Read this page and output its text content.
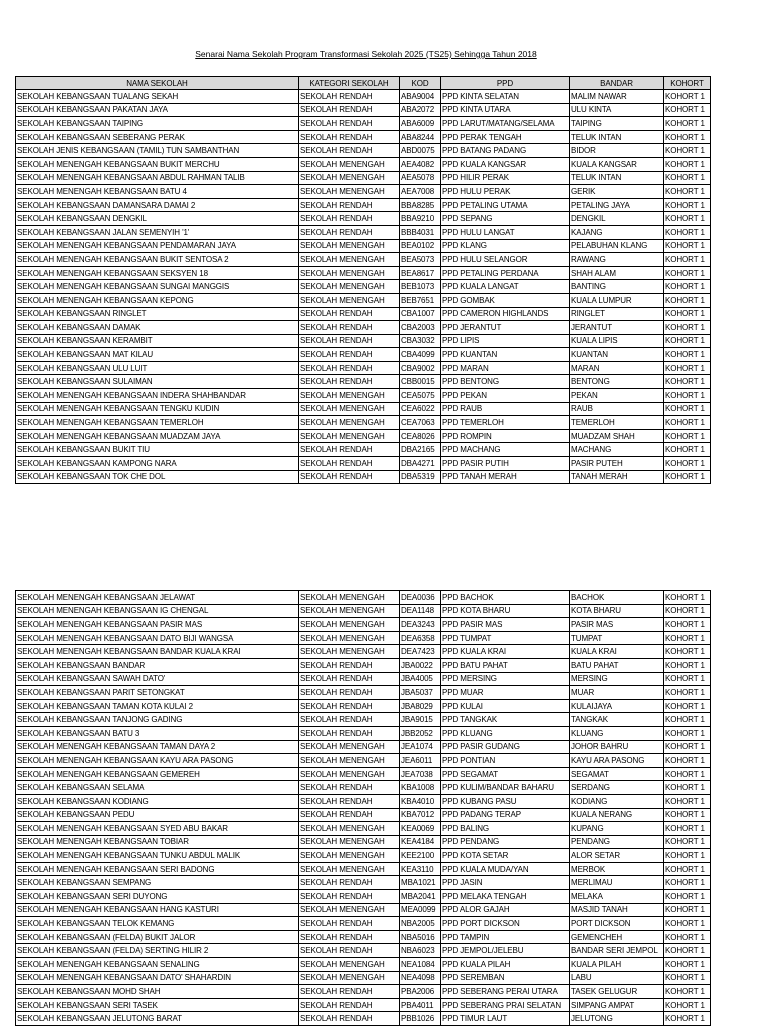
Senarai Nama Sekolah Program Transformasi Sekolah 2025 (TS25) Sehingga Tahun 2018
NAMA SEKOLAH	KATEGORI SEKOLAH	KOD	PPD	BANDAR	KOHORT
SEKOLAH KEBANGSAAN TUALANG SEKAH	SEKOLAH RENDAH	ABA9004	PPD KINTA SELATAN	MALIM NAWAR	KOHORT 1
SEKOLAH KEBANGSAAN PAKATAN JAYA	SEKOLAH RENDAH	ABA2072	PPD KINTA UTARA	ULU KINTA	KOHORT 1
SEKOLAH KEBANGSAAN TAIPING	SEKOLAH RENDAH	ABA6009	PPD LARUT/MATANG/SELAMA	TAIPING	KOHORT 1
SEKOLAH KEBANGSAAN SEBERANG PERAK	SEKOLAH RENDAH	ABA8244	PPD PERAK TENGAH	TELUK INTAN	KOHORT 1
SEKOLAH JENIS KEBANGSAAN (TAMIL) TUN SAMBANTHAN	SEKOLAH RENDAH	ABD0075	PPD BATANG PADANG	BIDOR	KOHORT 1
SEKOLAH MENENGAH KEBANGSAAN BUKIT MERCHU	SEKOLAH MENENGAH	AEA4082	PPD KUALA KANGSAR	KUALA KANGSAR	KOHORT 1
SEKOLAH MENENGAH KEBANGSAAN ABDUL RAHMAN TALIB	SEKOLAH MENENGAH	AEA5078	PPD HILIR PERAK	TELUK INTAN	KOHORT 1
SEKOLAH MENENGAH KEBANGSAAN BATU 4	SEKOLAH MENENGAH	AEA7008	PPD HULU PERAK	GERIK	KOHORT 1
SEKOLAH KEBANGSAAN DAMANSARA DAMAI 2	SEKOLAH RENDAH	BBA8285	PPD PETALING UTAMA	PETALING JAYA	KOHORT 1
SEKOLAH KEBANGSAAN DENGKIL	SEKOLAH RENDAH	BBA9210	PPD SEPANG	DENGKIL	KOHORT 1
SEKOLAH KEBANGSAAN JALAN SEMENYIH '1'	SEKOLAH RENDAH	BBB4031	PPD HULU LANGAT	KAJANG	KOHORT 1
SEKOLAH MENENGAH KEBANGSAAN PENDAMARAN JAYA	SEKOLAH MENENGAH	BEA0102	PPD KLANG	PELABUHAN KLANG	KOHORT 1
SEKOLAH MENENGAH KEBANGSAAN BUKIT SENTOSA 2	SEKOLAH MENENGAH	BEA5073	PPD HULU SELANGOR	RAWANG	KOHORT 1
SEKOLAH MENENGAH KEBANGSAAN SEKSYEN 18	SEKOLAH MENENGAH	BEA8617	PPD PETALING PERDANA	SHAH ALAM	KOHORT 1
SEKOLAH MENENGAH KEBANGSAAN SUNGAI MANGGIS	SEKOLAH MENENGAH	BEB1073	PPD KUALA LANGAT	BANTING	KOHORT 1
SEKOLAH MENENGAH KEBANGSAAN KEPONG	SEKOLAH MENENGAH	BEB7651	PPD GOMBAK	KUALA LUMPUR	KOHORT 1
SEKOLAH KEBANGSAAN RINGLET	SEKOLAH RENDAH	CBA1007	PPD CAMERON HIGHLANDS	RINGLET	KOHORT 1
SEKOLAH KEBANGSAAN DAMAK	SEKOLAH RENDAH	CBA2003	PPD JERANTUT	JERANTUT	KOHORT 1
SEKOLAH KEBANGSAAN KERAMBIT	SEKOLAH RENDAH	CBA3032	PPD LIPIS	KUALA LIPIS	KOHORT 1
SEKOLAH KEBANGSAAN MAT KILAU	SEKOLAH RENDAH	CBA4099	PPD KUANTAN	KUANTAN	KOHORT 1
SEKOLAH KEBANGSAAN ULU LUIT	SEKOLAH RENDAH	CBA9002	PPD MARAN	MARAN	KOHORT 1
SEKOLAH KEBANGSAAN SULAIMAN	SEKOLAH RENDAH	CBB0015	PPD BENTONG	BENTONG	KOHORT 1
SEKOLAH MENENGAH KEBANGSAAN INDERA SHAHBANDAR	SEKOLAH MENENGAH	CEA5075	PPD PEKAN	PEKAN	KOHORT 1
SEKOLAH MENENGAH KEBANGSAAN TENGKU KUDIN	SEKOLAH MENENGAH	CEA6022	PPD RAUB	RAUB	KOHORT 1
SEKOLAH MENENGAH KEBANGSAAN TEMERLOH	SEKOLAH MENENGAH	CEA7063	PPD TEMERLOH	TEMERLOH	KOHORT 1
SEKOLAH MENENGAH KEBANGSAAN MUADZAM JAYA	SEKOLAH MENENGAH	CEA8026	PPD ROMPIN	MUADZAM SHAH	KOHORT 1
SEKOLAH KEBANGSAAN BUKIT TIU	SEKOLAH RENDAH	DBA2165	PPD MACHANG	MACHANG	KOHORT 1
SEKOLAH KEBANGSAAN KAMPONG NARA	SEKOLAH RENDAH	DBA4271	PPD PASIR PUTIH	PASIR PUTEH	KOHORT 1
SEKOLAH KEBANGSAAN TOK CHE DOL	SEKOLAH RENDAH	DBA5319	PPD TANAH MERAH	TANAH MERAH	KOHORT 1
SEKOLAH MENENGAH KEBANGSAAN JELAWAT	SEKOLAH MENENGAH	DEA0036	PPD BACHOK	BACHOK	KOHORT 1
SEKOLAH MENENGAH KEBANGSAAN IG CHENGAL	SEKOLAH MENENGAH	DEA1148	PPD KOTA BHARU	KOTA BHARU	KOHORT 1
SEKOLAH MENENGAH KEBANGSAAN PASIR MAS	SEKOLAH MENENGAH	DEA3243	PPD PASIR MAS	PASIR MAS	KOHORT 1
SEKOLAH MENENGAH KEBANGSAAN DATO BIJI WANGSA	SEKOLAH MENENGAH	DEA6358	PPD TUMPAT	TUMPAT	KOHORT 1
SEKOLAH MENENGAH KEBANGSAAN BANDAR KUALA KRAI	SEKOLAH MENENGAH	DEA7423	PPD KUALA KRAI	KUALA KRAI	KOHORT 1
SEKOLAH KEBANGSAAN BANDAR	SEKOLAH RENDAH	JBA0022	PPD BATU PAHAT	BATU PAHAT	KOHORT 1
SEKOLAH KEBANGSAAN SAWAH DATO'	SEKOLAH RENDAH	JBA4005	PPD MERSING	MERSING	KOHORT 1
SEKOLAH KEBANGSAAN PARIT SETONGKAT	SEKOLAH RENDAH	JBA5037	PPD MUAR	MUAR	KOHORT 1
SEKOLAH KEBANGSAAN TAMAN KOTA KULAI 2	SEKOLAH RENDAH	JBA8029	PPD KULAI	KULAIJAYA	KOHORT 1
SEKOLAH KEBANGSAAN TANJONG GADING	SEKOLAH RENDAH	JBA9015	PPD TANGKAK	TANGKAK	KOHORT 1
SEKOLAH KEBANGSAAN BATU 3	SEKOLAH RENDAH	JBB2052	PPD KLUANG	KLUANG	KOHORT 1
SEKOLAH MENENGAH KEBANGSAAN TAMAN DAYA 2	SEKOLAH MENENGAH	JEA1074	PPD PASIR GUDANG	JOHOR BAHRU	KOHORT 1
SEKOLAH MENENGAH KEBANGSAAN KAYU ARA PASONG	SEKOLAH MENENGAH	JEA6011	PPD PONTIAN	KAYU ARA PASONG	KOHORT 1
SEKOLAH MENENGAH KEBANGSAAN GEMEREH	SEKOLAH MENENGAH	JEA7038	PPD SEGAMAT	SEGAMAT	KOHORT 1
SEKOLAH KEBANGSAAN SELAMA	SEKOLAH RENDAH	KBA1008	PPD KULIM/BANDAR BAHARU	SERDANG	KOHORT 1
SEKOLAH KEBANGSAAN KODIANG	SEKOLAH RENDAH	KBA4010	PPD KUBANG PASU	KODIANG	KOHORT 1
SEKOLAH KEBANGSAAN PEDU	SEKOLAH RENDAH	KBA7012	PPD PADANG TERAP	KUALA NERANG	KOHORT 1
SEKOLAH MENENGAH KEBANGSAAN SYED ABU BAKAR	SEKOLAH MENENGAH	KEA0069	PPD BALING	KUPANG	KOHORT 1
SEKOLAH MENENGAH KEBANGSAAN TOBIAR	SEKOLAH MENENGAH	KEA4184	PPD PENDANG	PENDANG	KOHORT 1
SEKOLAH MENENGAH KEBANGSAAN TUNKU ABDUL MALIK	SEKOLAH MENENGAH	KEE2100	PPD KOTA SETAR	ALOR SETAR	KOHORT 1
SEKOLAH MENENGAH KEBANGSAAN SERI BADONG	SEKOLAH MENENGAH	KEA3110	PPD KUALA MUDA/YAN	MERBOK	KOHORT 1
SEKOLAH KEBANGSAAN SEMPANG	SEKOLAH RENDAH	MBA1021	PPD JASIN	MERLIMAU	KOHORT 1
SEKOLAH KEBANGSAAN SERI DUYONG	SEKOLAH RENDAH	MBA2041	PPD MELAKA TENGAH	MELAKA	KOHORT 1
SEKOLAH MENENGAH KEBANGSAAN HANG KASTURI	SEKOLAH MENENGAH	MEA0099	PPD ALOR GAJAH	MASJID TANAH	KOHORT 1
SEKOLAH KEBANGSAAN TELOK KEMANG	SEKOLAH RENDAH	NBA2005	PPD PORT DICKSON	PORT DICKSON	KOHORT 1
SEKOLAH KEBANGSAAN (FELDA) BUKIT JALOR	SEKOLAH RENDAH	NBA5016	PPD TAMPIN	GEMENCHEH	KOHORT 1
SEKOLAH KEBANGSAAN (FELDA) SERTING HILIR 2	SEKOLAH RENDAH	NBA6023	PPD JEMPOL/JELEBU	BANDAR SERI JEMPOL	KOHORT 1
SEKOLAH MENENGAH KEBANGSAAN SENALING	SEKOLAH MENENGAH	NEA1084	PPD KUALA PILAH	KUALA PILAH	KOHORT 1
SEKOLAH MENENGAH KEBANGSAAN DATO' SHAHARDIN	SEKOLAH MENENGAH	NEA4098	PPD SEREMBAN	LABU	KOHORT 1
SEKOLAH KEBANGSAAN MOHD SHAH	SEKOLAH RENDAH	PBA2006	PPD SEBERANG PERAI UTARA	TASEK GELUGUR	KOHORT 1
SEKOLAH KEBANGSAAN SERI TASEK	SEKOLAH RENDAH	PBA4011	PPD SEBERANG PRAI SELATAN	SIMPANG AMPAT	KOHORT 1
SEKOLAH KEBANGSAAN JELUTONG BARAT	SEKOLAH RENDAH	PBB1026	PPD TIMUR LAUT	JELUTONG	KOHORT 1
